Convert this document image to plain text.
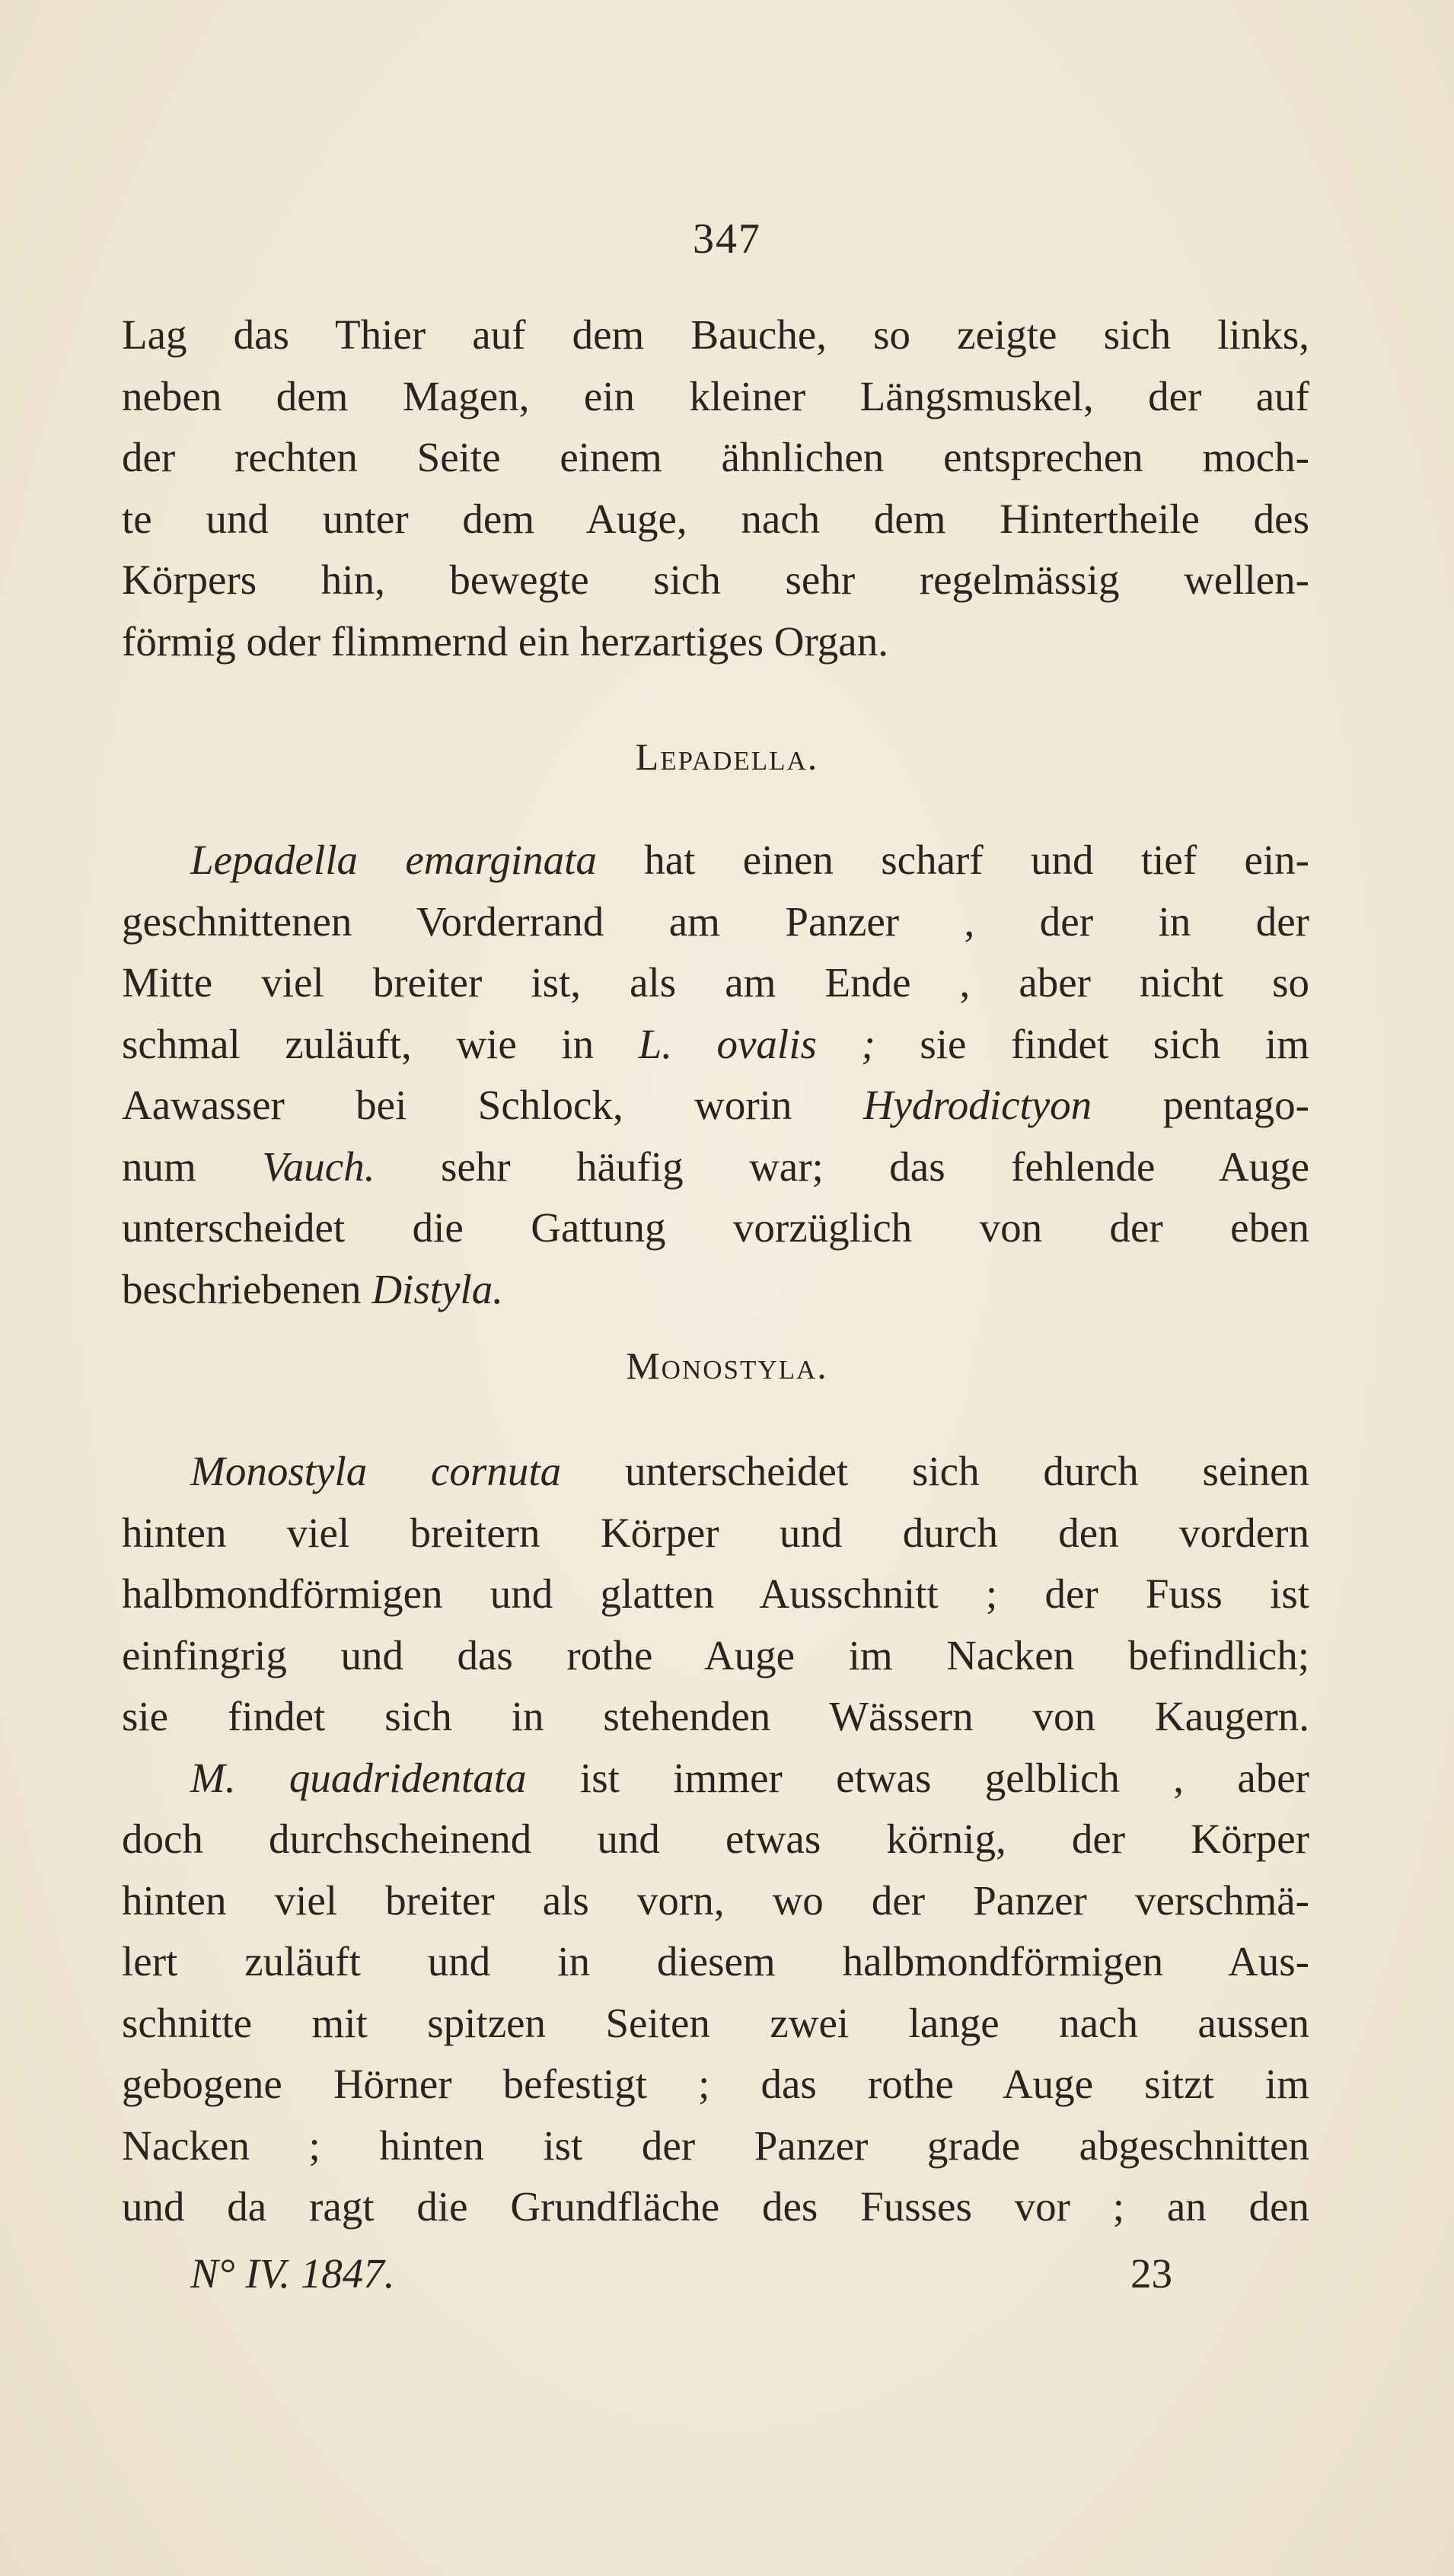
347
Lag das Thier auf dem Bauche, so zeigte sich links,
neben dem Magen, ein kleiner Längsmuskel, der auf
der rechten Seite einem ähnlichen entsprechen moch-
te und unter dem Auge, nach dem Hintertheile des
Körpers hin, bewegte sich sehr regelmässig wellen-
förmig oder flimmernd ein herzartiges Organ.
Lepadella.
Lepadella emarginata hat einen scharf und tief ein-
geschnittenen Vorderrand am Panzer , der in der
Mitte viel breiter ist, als am Ende , aber nicht so
schmal zuläuft, wie in L. ovalis ; sie findet sich im
Aawasser bei Schlock, worin Hydrodictyon pentago-
num Vauch. sehr häufig war; das fehlende Auge
unterscheidet die Gattung vorzüglich von der eben
beschriebenen Distyla.
Monostyla.
Monostyla cornuta unterscheidet sich durch seinen
hinten viel breitern Körper und durch den vordern
halbmondförmigen und glatten Ausschnitt ; der Fuss ist
einfingrig und das rothe Auge im Nacken befindlich;
sie findet sich in stehenden Wässern von Kaugern.
M. quadridentata ist immer etwas gelblich , aber
doch durchscheinend und etwas körnig, der Körper
hinten viel breiter als vorn, wo der Panzer verschmä-
lert zuläuft und in diesem halbmondförmigen Aus-
schnitte mit spitzen Seiten zwei lange nach aussen
gebogene Hörner befestigt ; das rothe Auge sitzt im
Nacken ; hinten ist der Panzer grade abgeschnitten
und da ragt die Grundfläche des Fusses vor ; an den
N° IV. 1847.	23
